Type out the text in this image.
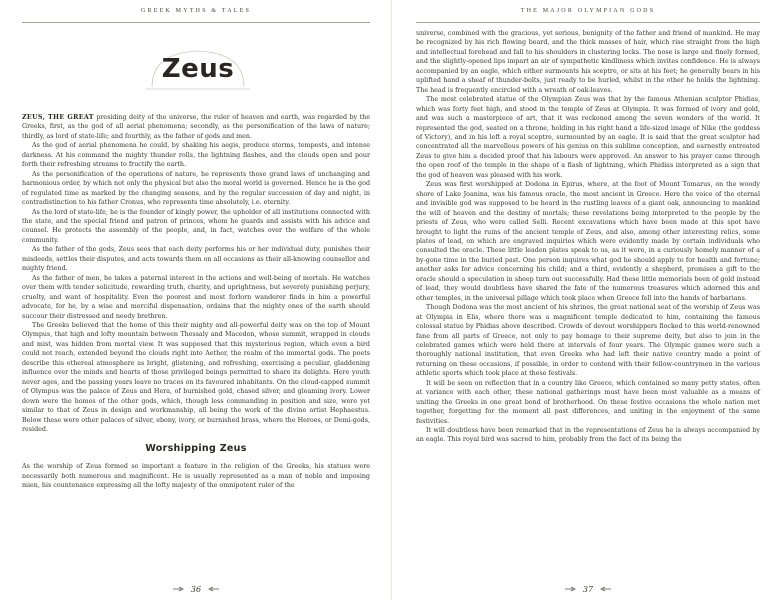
GREEK MYTHS & TALES
Zeus

ZEUS, THE GREAT presiding deity of the universe, the ruler of heaven and earth, was regarded by the Greeks, first, as the god of all aerial phenomena; secondly, as the personification of the laws of nature; thirdly, as lord of state-life; and fourthly, as the father of gods and men.

As the god of aerial phenomena he could, by shaking his aegis, produce storms, tempests, and intense darkness. At his command the mighty thunder rolls, the lightning flashes, and the clouds open and pour forth their refreshing streams to fructify the earth.

As the personification of the operations of nature, he represents those grand laws of unchanging and harmonious order, by which not only the physical but also the moral world is governed. Hence he is the god of regulated time as marked by the changing seasons, and by the regular succession of day and night, in contradistinction to his father Cronus, who represents time absolutely, i.e. eternity.

As the lord of state-life, he is the founder of kingly power, the upholder of all institutions connected with the state, and the special friend and patron of princes, whom he guards and assists with his advice and counsel. He protects the assembly of the people, and, in fact, watches over the welfare of the whole community.

As the father of the gods, Zeus sees that each deity performs his or her individual duty, punishes their misdeeds, settles their disputes, and acts towards them on all occasions as their all-knowing counsellor and mighty friend.

As the father of men, he takes a paternal interest in the actions and well-being of mortals. He watches over them with tender solicitude, rewarding truth, charity, and uprightness, but severely punishing perjury, cruelty, and want of hospitality. Even the poorest and most forlorn wanderer finds in him a powerful advocate, for he, by a wise and merciful dispensation, ordains that the mighty ones of the earth should succour their distressed and needy brethren.

The Greeks believed that the home of this their mighty and all-powerful deity was on the top of Mount Olympus, that high and lofty mountain between Thessaly and Macedon, whose summit, wrapped in clouds and mist, was hidden from mortal view. It was supposed that this mysterious region, which even a bird could not reach, extended beyond the clouds right into Aether, the realm of the immortal gods. The poets describe this ethereal atmosphere as bright, glistening, and refreshing, exercising a peculiar, gladdening influence over the minds and hearts of those privileged beings permitted to share its delights. Here youth never ages, and the passing years leave no traces on its favoured inhabitants. On the cloud-capped summit of Olympus was the palace of Zeus and Hera, of burnished gold, chased silver, and gleaming ivory. Lower down were the homes of the other gods, which, though less commanding in position and size, were yet similar to that of Zeus in design and workmanship, all being the work of the divine artist Hephaestus. Below these were other palaces of silver, ebony, ivory, or burnished brass, where the Heroes, or Demi-gods, resided.

Worshipping Zeus

As the worship of Zeus formed so important a feature in the religion of the Greeks, his statues were necessarily both numerous and magnificent. He is usually represented as a man of noble and imposing mien, his countenance expressing all the lofty majesty of the omnipotent ruler of the

36
THE MAJOR OLYMPIAN GODS

universe, combined with the gracious, yet serious, benignity of the father and friend of mankind. He may be recognized by his rich flowing beard, and the thick masses of hair, which rise straight from the high and intellectual forehead and fall to his shoulders in clustering locks. The nose is large and finely formed, and the slightly-opened lips impart an air of sympathetic kindliness which invites confidence. He is always accompanied by an eagle, which either surmounts his sceptre, or sits at his feet; he generally bears in his uplifted hand a sheaf of thunder-bolts, just ready to be hurled, whilst in the other he holds the lightning. The head is frequently encircled with a wreath of oak-leaves.

The most celebrated statue of the Olympian Zeus was that by the famous Athenian sculptor Phidias, which was forty feet high, and stood in the temple of Zeus at Olympia. It was formed of ivory and gold, and was such a masterpiece of art, that it was reckoned among the seven wonders of the world. It represented the god, seated on a throne, holding in his right hand a life-sized image of Nike (the goddess of Victory), and in his left a royal sceptre, surmounted by an eagle. It is said that the great sculptor had concentrated all the marvellous powers of his genius on this sublime conception, and earnestly entreated Zeus to give him a decided proof that his labours were approved. An answer to his prayer came through the open roof of the temple in the shape of a flash of lightning, which Phidias interpreted as a sign that the god of heaven was pleased with his work.

Zeus was first worshipped at Dodona in Epirus, where, at the foot of Mount Tomarus, on the woody shore of Lake Joanina, was his famous oracle, the most ancient in Greece. Here the voice of the eternal and invisible god was supposed to be heard in the rustling leaves of a giant oak, announcing to mankind the will of heaven and the destiny of mortals; these revelations being interpreted to the people by the priests of Zeus, who were called Selli. Recent excavations which have been made at this spot have brought to light the ruins of the ancient temple of Zeus, and also, among other interesting relics, some plates of lead, on which are engraved inquiries which were evidently made by certain individuals who consulted the oracle. These little leaden plates speak to us, as it were, in a curiously homely manner of a by-gone time in the buried past. One person inquires what god he should apply to for health and fortune; another asks for advice concerning his child; and a third, evidently a shepherd, promises a gift to the oracle should a speculation in sheep turn out successfully. Had these little memorials been of gold instead of lead, they would doubtless have shared the fate of the numerous treasures which adorned this and other temples, in the universal pillage which took place when Greece fell into the hands of barbarians.

Though Dodona was the most ancient of his shrines, the great national seat of the worship of Zeus was at Olympia in Elis, where there was a magnificent temple dedicated to him, containing the famous colossal statue by Phidias above described. Crowds of devout worshippers flocked to this world-renowned fane from all parts of Greece, not only to pay homage to their supreme deity, but also to join in the celebrated games which were held there at intervals of four years. The Olympic games were such a thoroughly national institution, that even Greeks who had left their native country made a point of returning on these occasions, if possible, in order to contend with their fellow-countrymen in the various athletic sports which took place at these festivals.

It will be seen on reflection that in a country like Greece, which contained so many petty states, often at variance with each other, these national gatherings must have been most valuable as a means of uniting the Greeks in one great bond of brotherhood. On these festive occasions the whole nation met together, forgetting for the moment all past differences, and uniting in the enjoyment of the same festivities.

It will doubtless have been remarked that in the representations of Zeus he is always accompanied by an eagle. This royal bird was sacred to him, probably from the fact of its being the

37
